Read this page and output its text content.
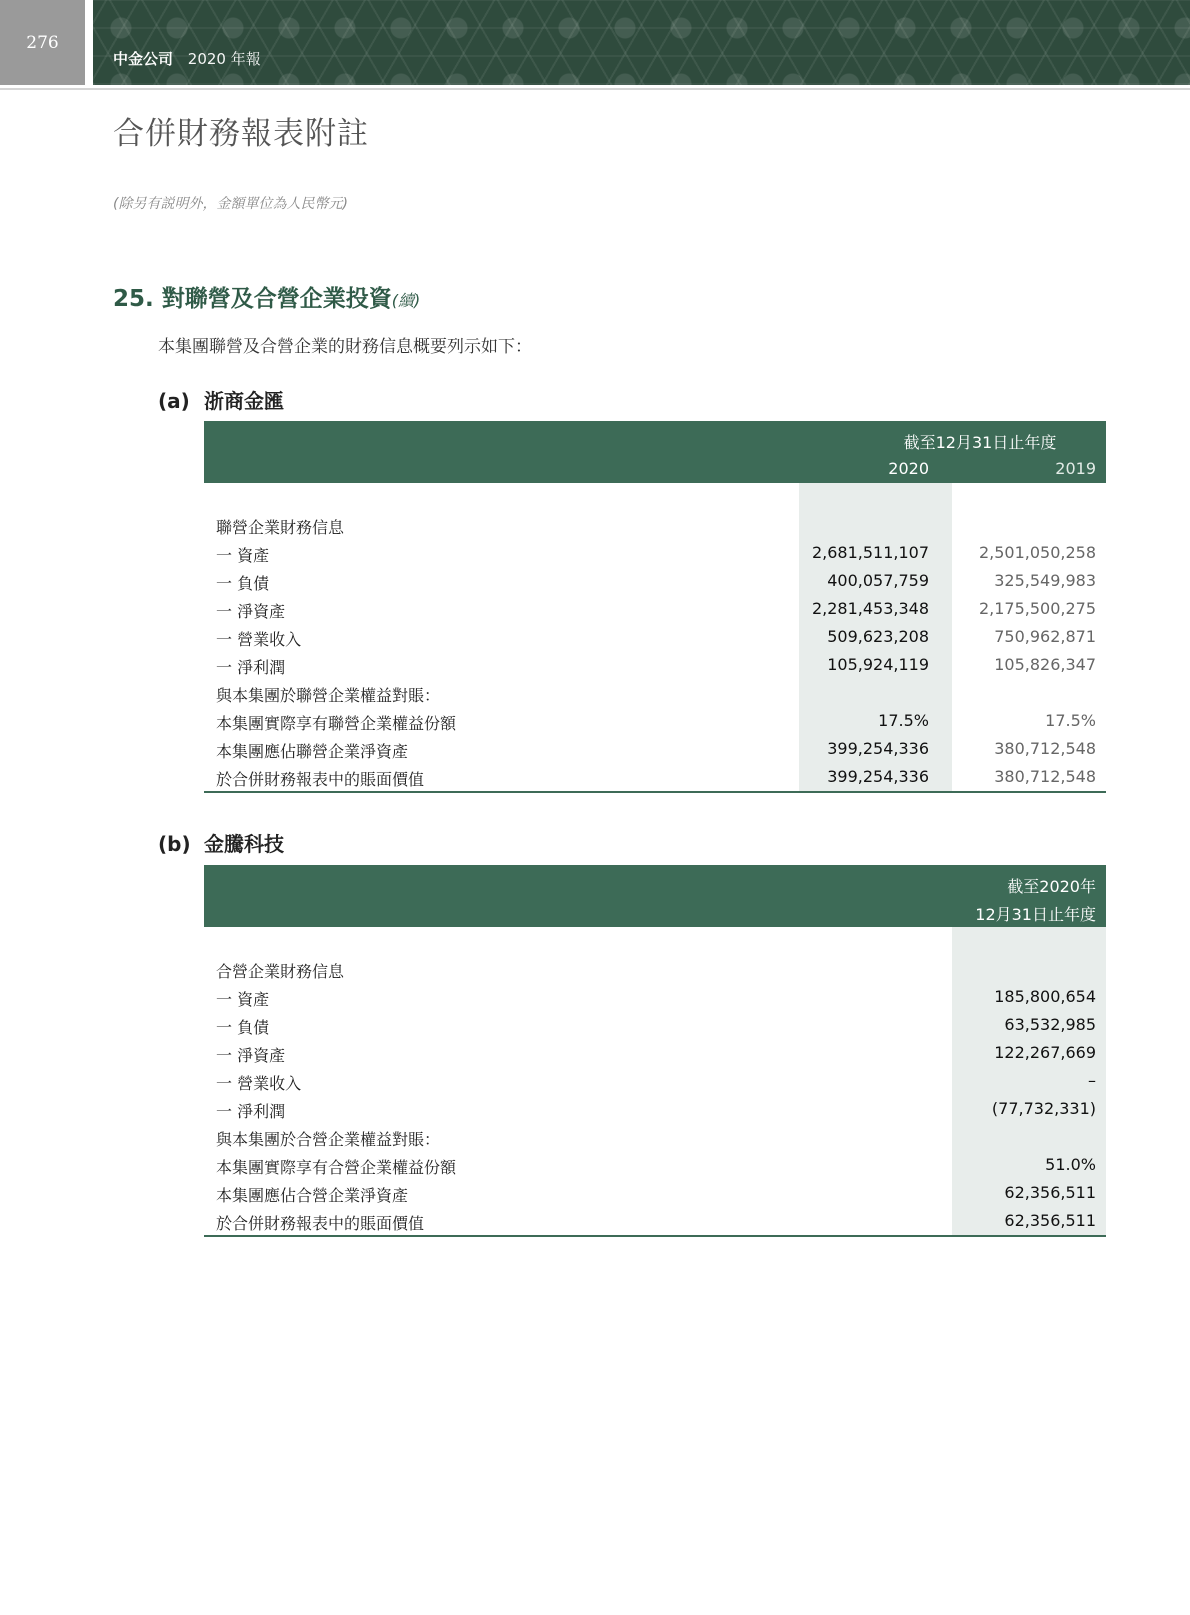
276
中金公司 2020 年報
合併財務報表附註
(除另有説明外，金額單位為人民幣元)
25. 對聯營及合營企業投資(續)
本集團聯營及合營企業的財務信息概要列示如下：
(a) 浙商金匯
截至12月31日止年度
2020	2019
聯營企業財務信息
一 資產	2,681,511,107	2,501,050,258
一 負債	400,057,759	325,549,983
一 淨資產	2,281,453,348	2,175,500,275
一 營業收入	509,623,208	750,962,871
一 淨利潤	105,924,119	105,826,347
與本集團於聯營企業權益對賬：
本集團實際享有聯營企業權益份額	17.5%	17.5%
本集團應佔聯營企業淨資產	399,254,336	380,712,548
於合併財務報表中的賬面價值	399,254,336	380,712,548
(b) 金騰科技
截至2020年
12月31日止年度
合營企業財務信息
一 資產	185,800,654
一 負債	63,532,985
一 淨資產	122,267,669
一 營業收入	–
一 淨利潤	(77,732,331)
與本集團於合營企業權益對賬：
本集團實際享有合營企業權益份額	51.0%
本集團應佔合營企業淨資產	62,356,511
於合併財務報表中的賬面價值	62,356,511
